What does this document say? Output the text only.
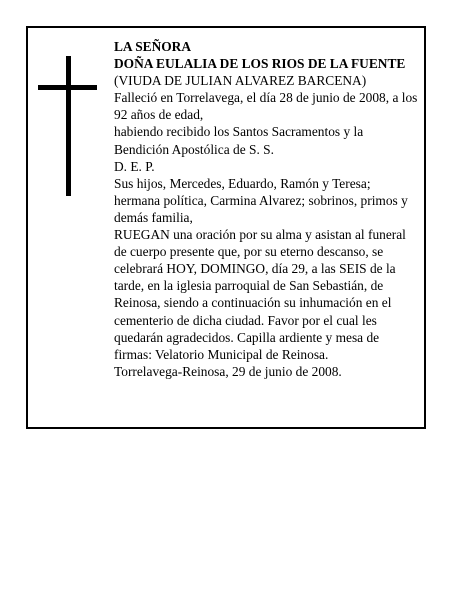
LA SEÑORA

DOÑA EULALIA DE LOS RIOS DE LA FUENTE

(VIUDA DE JULIAN ALVAREZ BARCENA)

Falleció en Torrelavega, el día 28 de junio de 2008, a los 92 años de edad,

habiendo recibido los Santos Sacramentos y la Bendición Apostólica de S. S.

D. E. P.

Sus hijos, Mercedes, Eduardo, Ramón y Teresa; hermana política, Carmina Alvarez; sobrinos, primos y demás familia,

RUEGAN una oración por su alma y asistan al funeral de cuerpo presente que, por su eterno descanso, se celebrará HOY, DOMINGO, día 29, a las SEIS de la tarde, en la iglesia parroquial de San Sebastián, de Reinosa, siendo a continuación su inhumación en el cementerio de dicha ciudad. Favor por el cual les quedarán agradecidos. Capilla ardiente y mesa de firmas: Velatorio Municipal de Reinosa.

Torrelavega-Reinosa, 29 de junio de 2008.
